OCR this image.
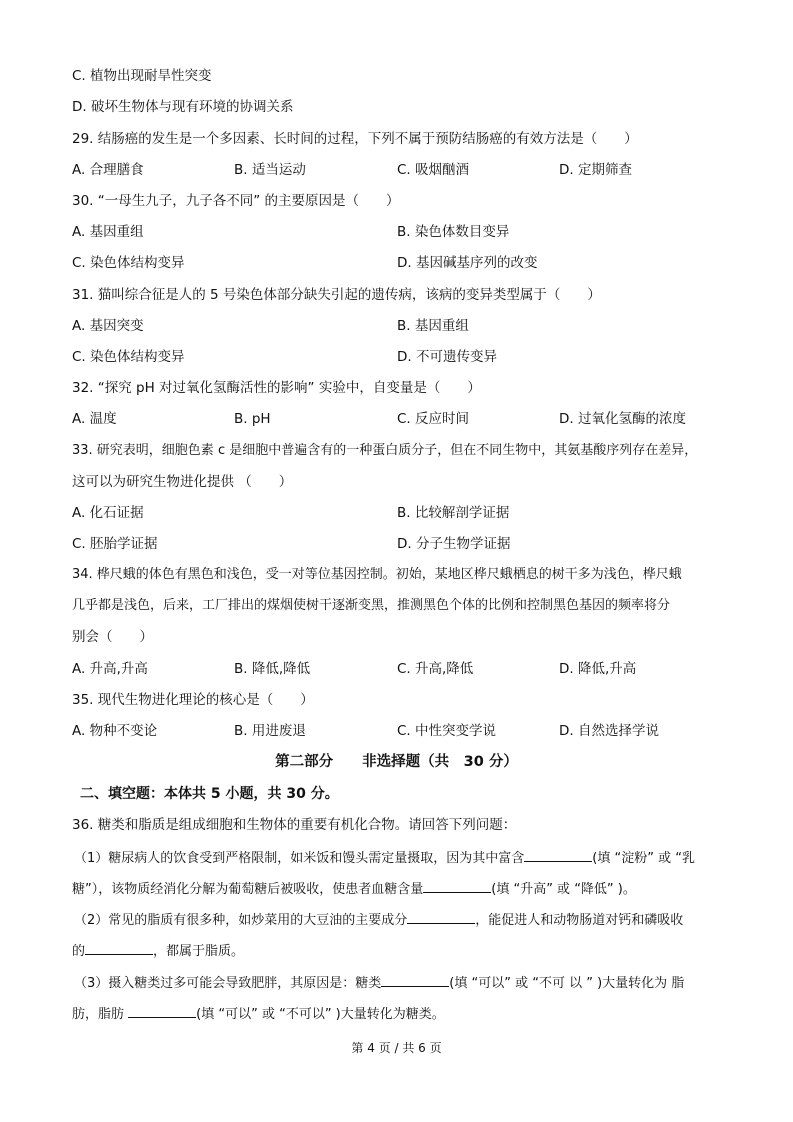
C. 植物出现耐旱性突变
D. 破坏生物体与现有环境的协调关系
29. 结肠癌的发生是一个多因素、长时间的过程，下列不属于预防结肠癌的有效方法是（　　）
A. 合理膳食	B. 适当运动	C. 吸烟酗酒	D. 定期筛查
30. “一母生九子，九子各不同” 的主要原因是（　　）
A. 基因重组	B. 染色体数目变异
C. 染色体结构变异	D. 基因碱基序列的改变
31. 猫叫综合征是人的 5 号染色体部分缺失引起的遗传病，该病的变异类型属于（　　）
A. 基因突变	B. 基因重组
C. 染色体结构变异	D. 不可遗传变异
32. “探究 pH 对过氧化氢酶活性的影响” 实验中，自变量是（　　）
A. 温度	B. pH	C. 反应时间	D. 过氧化氢酶的浓度
33. 研究表明，细胞色素 c 是细胞中普遍含有的一种蛋白质分子，但在不同生物中，其氨基酸序列存在差异，
这可以为研究生物进化提供 （　　）
A. 化石证据	B. 比较解剖学证据
C. 胚胎学证据	D. 分子生物学证据
34. 桦尺蛾的体色有黑色和浅色，受一对等位基因控制。初始，某地区桦尺蛾栖息的树干多为浅色，桦尺蛾
几乎都是浅色，后来，工厂排出的煤烟使树干逐渐变黑，推测黑色个体的比例和控制黑色基因的频率将分
别会（　　）
A. 升高,升高	B. 降低,降低	C. 升高,降低	D. 降低,升高
35. 现代生物进化理论的核心是（　　）
A. 物种不变论	B. 用进废退	C. 中性突变学说	D. 自然选择学说
第二部分　　非选择题（共　30 分）
二、填空题：本体共 5 小题，共 30 分。
36. 糖类和脂质是组成细胞和生物体的重要有机化合物。请回答下列问题：
（1）糖尿病人的饮食受到严格限制，如米饭和馒头需定量摄取，因为其中富含	(填 “淀粉” 或 “乳
糖”），该物质经消化分解为葡萄糖后被吸收，使患者血糖含量	(填 “升高” 或 “降低” )。
（2）常见的脂质有很多种，如炒菜用的大豆油的主要成分	，能促进人和动物肠道对钙和磷吸收
的	，都属于脂质。
（3）摄入糖类过多可能会导致肥胖，其原因是：糖类	(填 “可以” 或 “不可 以 ” )大量转化为 脂
肪，脂肪	(填 “可以” 或 “不可以” )大量转化为糖类。
第 4 页 / 共 6 页
